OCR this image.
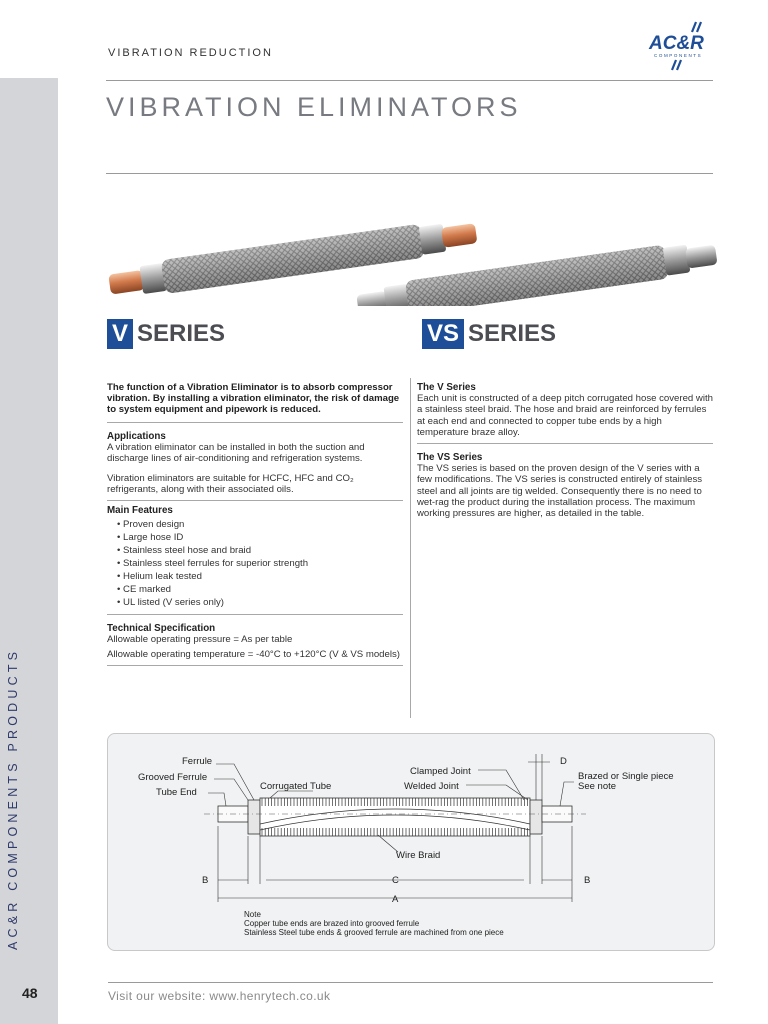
AC&R COMPONENTS PRODUCTS
48
VIBRATION REDUCTION
VIBRATION ELIMINATORS
AC&R
COMPONENTS
V SERIES	VS SERIES

The function of a Vibration Eliminator is to absorb compressor vibration. By installing a vibration eliminator, the risk of damage to system equipment and pipework is reduced.

Applications

A vibration eliminator can be installed in both the suction and discharge lines of air-conditioning and refrigeration systems.

Vibration eliminators are suitable for HCFC, HFC and CO₂ refrigerants, along with their associated oils.

Main Features
• Proven design
• Large hose ID
• Stainless steel hose and braid
• Stainless steel ferrules for superior strength
• Helium leak tested
• CE marked
• UL listed (V series only)
Technical Specification

Allowable operating pressure = As per table

Allowable operating temperature = -40°C to +120°C (V & VS models)

The V Series

Each unit is constructed of a deep pitch corrugated hose covered with a stainless steel braid. The hose and braid are reinforced by ferrules at each end and connected to copper tube ends by a high temperature braze alloy.

The VS Series

The VS series is based on the proven design of the V series with a few modifications. The VS series is constructed entirely of stainless steel and all joints are tig welded. Consequently there is no need to wet-rag the product during the installation process. The maximum working pressures are higher, as detailed in the table.

Ferrule
Grooved Ferrule
Tube End
Corrugated Tube
Clamped Joint
Welded Joint
D
Brazed or Single piece
See note
Wire Braid
B	C	B
A
Note
Copper tube ends are brazed into grooved ferrule
Stainless Steel tube ends & grooved ferrule are machined from one piece
Visit our website: www.henrytech.co.uk
